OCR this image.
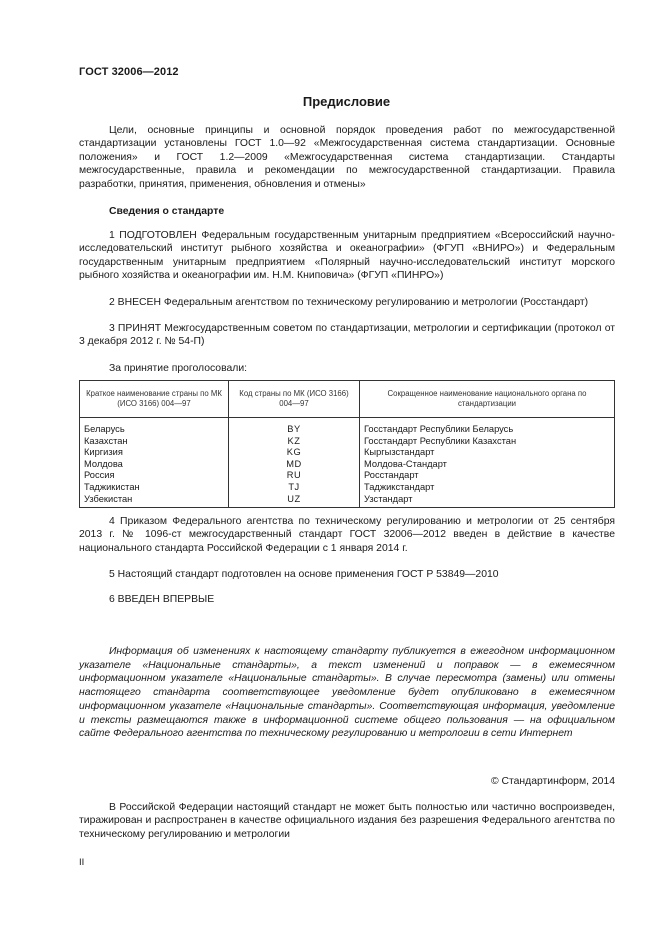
ГОСТ 32006—2012
Предисловие
Цели, основные принципы и основной порядок проведения работ по межгосударственной стандартизации установлены ГОСТ 1.0—92 «Межгосударственная система стандартизации. Основные положения» и ГОСТ 1.2—2009 «Межгосударственная система стандартизации. Стандарты межгосударственные, правила и рекомендации по межгосударственной стандартизации. Правила разработки, принятия, применения, обновления и отмены»
Сведения о стандарте
1 ПОДГОТОВЛЕН Федеральным государственным унитарным предприятием «Всероссийский научно-исследовательский институт рыбного хозяйства и океанографии» (ФГУП «ВНИРО») и Федеральным государственным унитарным предприятием «Полярный научно-исследовательский институт морского рыбного хозяйства и океанографии им. Н.М. Книповича» (ФГУП «ПИНРО»)
2 ВНЕСЕН Федеральным агентством по техническому регулированию и метрологии (Росстандарт)
3 ПРИНЯТ Межгосударственным советом по стандартизации, метрологии и сертификации (протокол от 3 декабря 2012 г. № 54-П)
За принятие проголосовали:
Краткое наименование страны по МК (ИСО 3166) 004—97	Код страны по МК (ИСО 3166) 004—97	Сокращенное наименование национального органа по стандартизации
Беларусь	BY	Госстандарт Республики Беларусь
Казахстан	KZ	Госстандарт Республики Казахстан
Киргизия	KG	Кыргызстандарт
Молдова	MD	Молдова-Стандарт
Россия	RU	Росстандарт
Таджикистан	TJ	Таджикстандарт
Узбекистан	UZ	Узстандарт
4 Приказом Федерального агентства по техническому регулированию и метрологии от 25 сентября 2013 г. № 1096-ст межгосударственный стандарт ГОСТ 32006—2012 введен в действие в качестве национального стандарта Российской Федерации с 1 января 2014 г.
5 Настоящий стандарт подготовлен на основе применения ГОСТ Р 53849—2010
6 ВВЕДЕН ВПЕРВЫЕ
Информация об изменениях к настоящему стандарту публикуется в ежегодном информационном указателе «Национальные стандарты», а текст изменений и поправок — в ежемесячном информационном указателе «Национальные стандарты». В случае пересмотра (замены) или отмены настоящего стандарта соответствующее уведомление будет опубликовано в ежемесячном информационном указателе «Национальные стандарты». Соответствующая информация, уведомление и тексты размещаются также в информационной системе общего пользования — на официальном сайте Федерального агентства по техническому регулированию и метрологии в сети Интернет
© Стандартинформ, 2014
В Российской Федерации настоящий стандарт не может быть полностью или частично воспроизведен, тиражирован и распространен в качестве официального издания без разрешения Федерального агентства по техническому регулированию и метрологии
II
